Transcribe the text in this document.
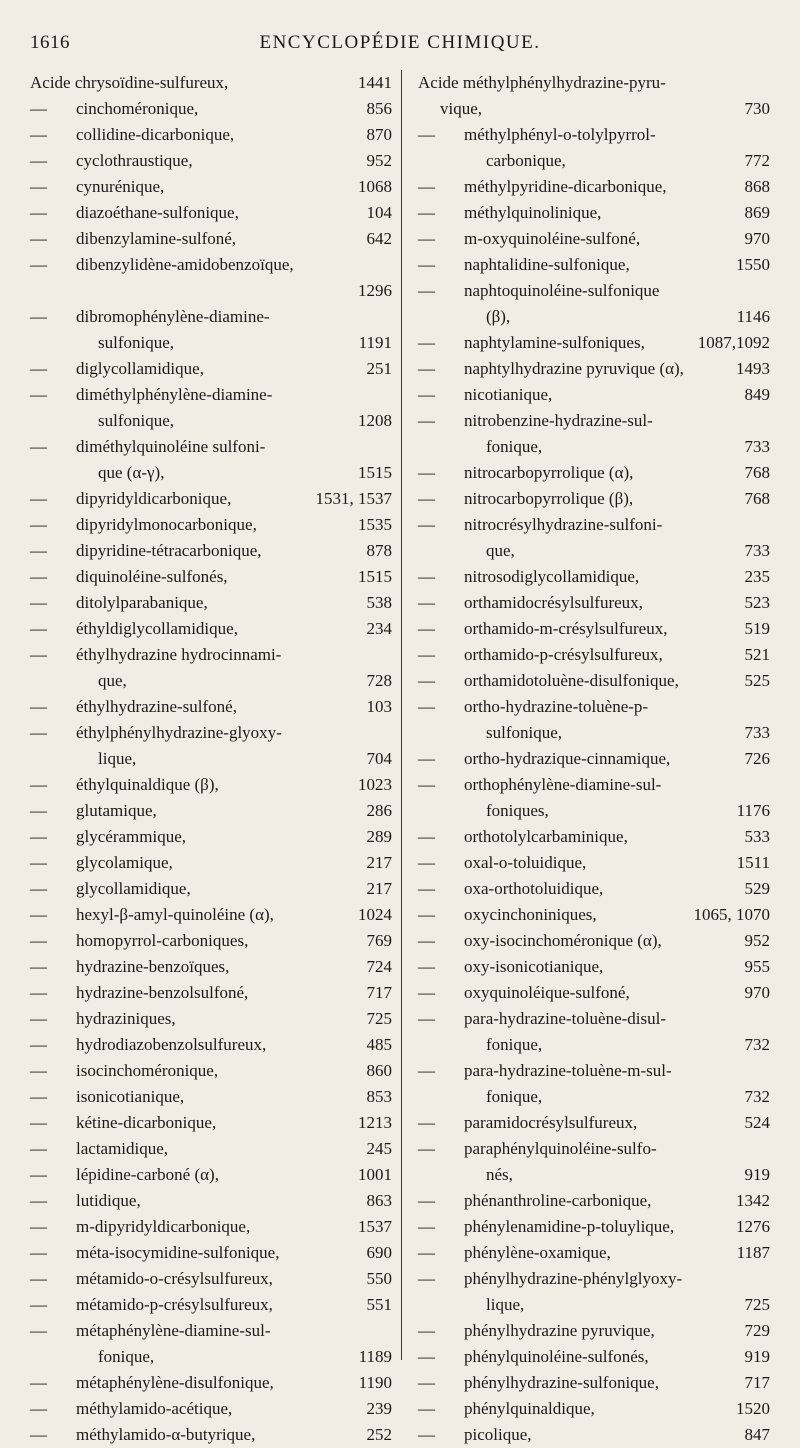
1616	ENCYCLOPÉDIE CHIMIQUE.
Acide chrysoïdine-sulfureux,	1441
— cinchoméronique,	856
— collidine-dicarbonique,	870
— cyclothraustique,	952
— cynurénique,	1068
— diazoéthane-sulfonique,	104
— dibenzylamine-sulfoné,	642
— dibenzylidène-amidobenzoïque,
1296
— dibromophénylène-diamine-
sulfonique,	1191
— diglycollamidique,	251
— diméthylphénylène-diamine-
sulfonique,	1208
— diméthylquinoléine sulfoni-
que (α-γ),	1515
— dipyridyldicarbonique,	1531, 1537
— dipyridylmonocarbonique,	1535
— dipyridine-tétracarbonique,	878
— diquinoléine-sulfonés,	1515
— ditolylparabanique,	538
— éthyldiglycollamidique,	234
— éthylhydrazine hydrocinnami-
que,	728
— éthylhydrazine-sulfoné,	103
— éthylphénylhydrazine-glyoxy-
lique,	704
— éthylquinaldique (β),	1023
— glutamique,	286
— glycérammique,	289
— glycolamique,	217
— glycollamidique,	217
— hexyl-β-amyl-quinoléine (α),	1024
— homopyrrol-carboniques,	769
— hydrazine-benzoïques,	724
— hydrazine-benzolsulfoné,	717
— hydraziniques,	725
— hydrodiazobenzolsulfureux,	485
— isocinchoméronique,	860
— isonicotianique,	853
— kétine-dicarbonique,	1213
— lactamidique,	245
— lépidine-carboné (α),	1001
— lutidique,	863
— m-dipyridyldicarbonique,	1537
— méta-isocymidine-sulfonique,	690
— métamido-o-crésylsulfureux,	550
— métamido-p-crésylsulfureux,	551
— métaphénylène-diamine-sul-
fonique,	1189
— métaphénylène-disulfonique,	1190
— méthylamido-acétique,	239
— méthylamido-α-butyrique,	252
Acide méthylphénylhydrazine-pyru-
vique,	730
— méthylphényl-o-tolylpyrrol-
carbonique,	772
— méthylpyridine-dicarbonique,	868
— méthylquinolinique,	869
— m-oxyquinoléine-sulfoné,	970
— naphtalidine-sulfonique,	1550
— naphtoquinoléine-sulfonique
(β),	1146
— naphtylamine-sulfoniques,	1087,1092
— naphtylhydrazine pyruvique (α),	1493
— nicotianique,	849
— nitrobenzine-hydrazine-sul-
fonique,	733
— nitrocarbopyrrolique (α),	768
— nitrocarbopyrrolique (β),	768
— nitrocrésylhydrazine-sulfoni-
que,	733
— nitrosodiglycollamidique,	235
— orthamidocrésylsulfureux,	523
— orthamido-m-crésylsulfureux,	519
— orthamido-p-crésylsulfureux,	521
— orthamidotoluène-disulfonique,	525
— ortho-hydrazine-toluène-p-
sulfonique,	733
— ortho-hydrazique-cinnamique,	726
— orthophénylène-diamine-sul-
foniques,	1176
— orthotolylcarbaminique,	533
— oxal-o-toluidique,	1511
— oxa-orthotoluidique,	529
— oxycinchoniniques,	1065, 1070
— oxy-isocinchoméronique (α),	952
— oxy-isonicotianique,	955
— oxyquinoléique-sulfoné,	970
— para-hydrazine-toluène-disul-
fonique,	732
— para-hydrazine-toluène-m-sul-
fonique,	732
— paramidocrésylsulfureux,	524
— paraphénylquinoléine-sulfo-
nés,	919
— phénanthroline-carbonique,	1342
— phénylenamidine-p-toluylique,	1276
— phénylène-oxamique,	1187
— phénylhydrazine-phénylglyoxy-
lique,	725
— phénylhydrazine pyruvique,	729
— phénylquinoléine-sulfonés,	919
— phénylhydrazine-sulfonique,	717
— phénylquinaldique,	1520
— picolique,	847
